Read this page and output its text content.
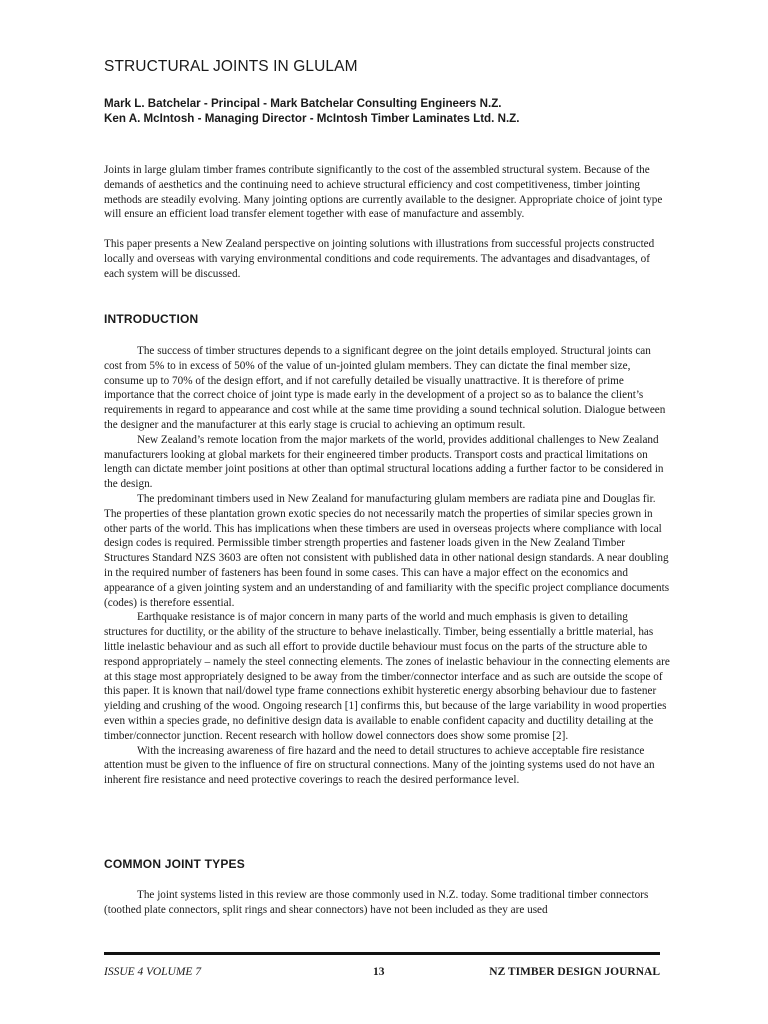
STRUCTURAL JOINTS IN GLULAM
Mark L. Batchelar - Principal - Mark Batchelar Consulting Engineers N.Z.
Ken A. McIntosh - Managing Director - McIntosh Timber Laminates Ltd. N.Z.

Joints in large glulam timber frames contribute significantly to the cost of the assembled structural system. Because of the demands of aesthetics and the continuing need to achieve structural efficiency and cost competitiveness, timber jointing methods are steadily evolving. Many jointing options are currently available to the designer. Appropriate choice of joint type will ensure an efficient load transfer element together with ease of manufacture and assembly.

This paper presents a New Zealand perspective on jointing solutions with illustrations from successful projects constructed locally and overseas with varying environmental conditions and code requirements. The advantages and disadvantages, of each system will be discussed.

INTRODUCTION

The success of timber structures depends to a significant degree on the joint details employed. Structural joints can cost from 5% to in excess of 50% of the value of un-jointed glulam members. They can dictate the final member size, consume up to 70% of the design effort, and if not carefully detailed be visually unattractive. It is therefore of prime importance that the correct choice of joint type is made early in the development of a project so as to balance the client’s requirements in regard to appearance and cost while at the same time providing a sound technical solution. Dialogue between the designer and the manufacturer at this early stage is crucial to achieving an optimum result.

New Zealand’s remote location from the major markets of the world, provides additional challenges to New Zealand manufacturers looking at global markets for their engineered timber products. Transport costs and practical limitations on length can dictate member joint positions at other than optimal structural locations adding a further factor to be considered in the design.

The predominant timbers used in New Zealand for manufacturing glulam members are radiata pine and Douglas fir. The properties of these plantation grown exotic species do not necessarily match the properties of similar species grown in other parts of the world. This has implications when these timbers are used in overseas projects where compliance with local design codes is required. Permissible timber strength properties and fastener loads given in the New Zealand Timber Structures Standard NZS 3603 are often not consistent with published data in other national design standards. A near doubling in the required number of fasteners has been found in some cases. This can have a major effect on the economics and appearance of a given jointing system and an understanding of and familiarity with the specific project compliance documents (codes) is therefore essential.

Earthquake resistance is of major concern in many parts of the world and much emphasis is given to detailing structures for ductility, or the ability of the structure to behave inelastically. Timber, being essentially a brittle material, has little inelastic behaviour and as such all effort to provide ductile behaviour must focus on the parts of the structure able to respond appropriately – namely the steel connecting elements. The zones of inelastic behaviour in the connecting elements are at this stage most appropriately designed to be away from the timber/connector interface and as such are outside the scope of this paper. It is known that nail/dowel type frame connections exhibit hysteretic energy absorbing behaviour due to fastener yielding and crushing of the wood. Ongoing research [1] confirms this, but because of the large variability in wood properties even within a species grade, no definitive design data is available to enable confident capacity and ductility detailing at the timber/connector junction. Recent research with hollow dowel connectors does show some promise [2].

With the increasing awareness of fire hazard and the need to detail structures to achieve acceptable fire resistance attention must be given to the influence of fire on structural connections. Many of the jointing systems used do not have an inherent fire resistance and need protective coverings to reach the desired performance level.

COMMON JOINT TYPES

The joint systems listed in this review are those commonly used in N.Z. today. Some traditional timber connectors (toothed plate connectors, split rings and shear connectors) have not been included as they are used

ISSUE 4 VOLUME 7	13	NZ TIMBER DESIGN JOURNAL
